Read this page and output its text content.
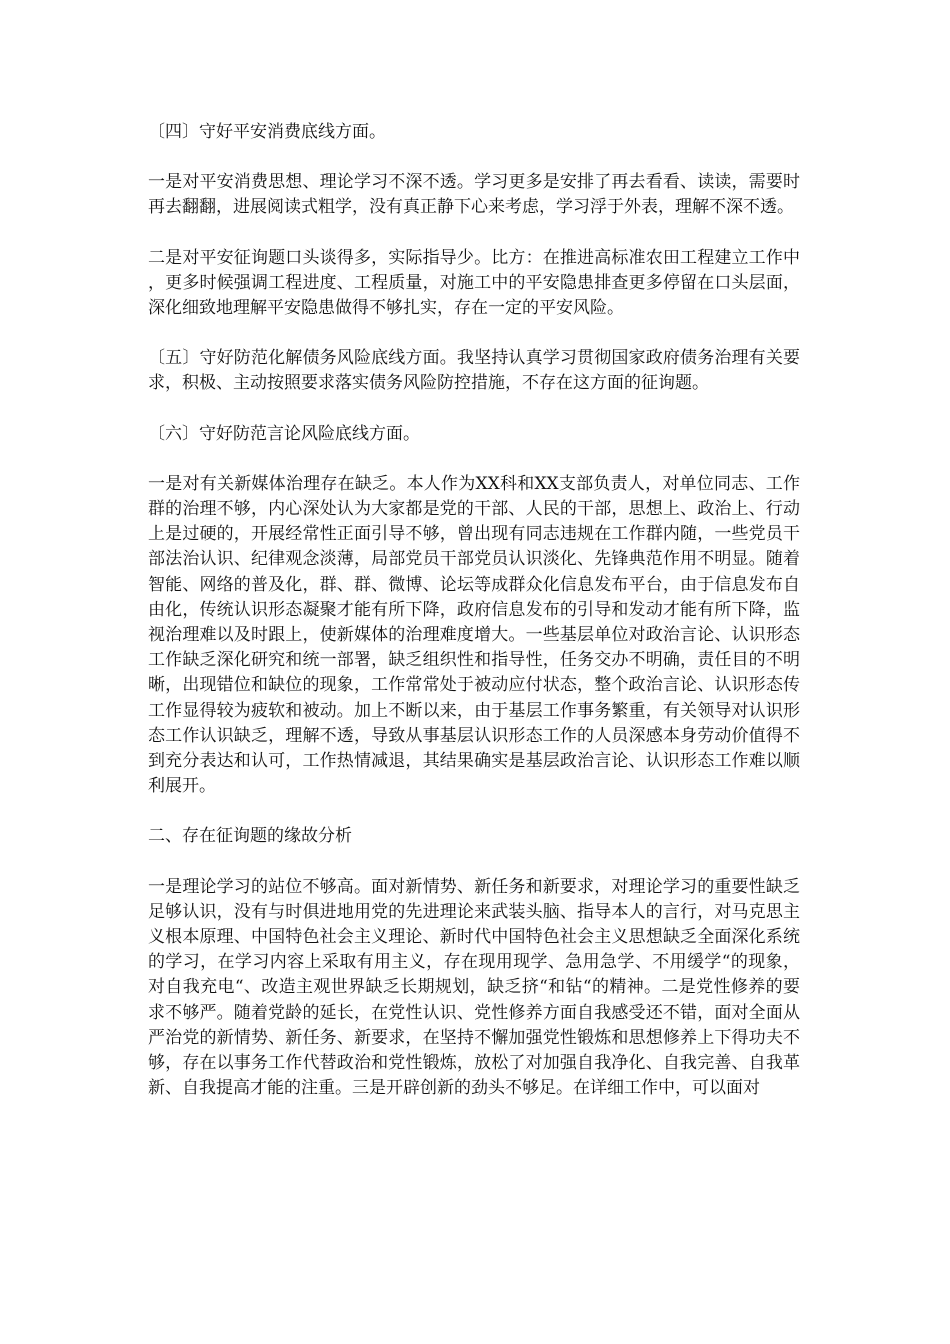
〔四〕守好平安消费底线方面。

一是对平安消费思想、理论学习不深不透。学习更多是安排了再去看看、读读，需要时再去翻翻，进展阅读式粗学，没有真正静下心来考虑，学习浮于外表，理解不深不透。

二是对平安征询题口头谈得多，实际指导少。比方：在推进高标准农田工程建立工作中，更多时候强调工程进度、工程质量，对施工中的平安隐患排查更多停留在口头层面，深化细致地理解平安隐患做得不够扎实，存在一定的平安风险。

〔五〕守好防范化解债务风险底线方面。我坚持认真学习贯彻国家政府债务治理有关要求，积极、主动按照要求落实债务风险防控措施，不存在这方面的征询题。

〔六〕守好防范言论风险底线方面。

一是对有关新媒体治理存在缺乏。本人作为XX科和XX支部负责人，对单位同志、工作群的治理不够，内心深处认为大家都是党的干部、人民的干部，思想上、政治上、行动上是过硬的，开展经常性正面引导不够，曾出现有同志违规在工作群内随，一些党员干部法治认识、纪律观念淡薄，局部党员干部党员认识淡化、先锋典范作用不明显。随着智能、网络的普及化，群、群、微博、论坛等成群众化信息发布平台，由于信息发布自由化，传统认识形态凝聚才能有所下降，政府信息发布的引导和发动才能有所下降，监视治理难以及时跟上，使新媒体的治理难度增大。一些基层单位对政治言论、认识形态工作缺乏深化研究和统一部署，缺乏组织性和指导性，任务交办不明确，责任目的不明晰，出现错位和缺位的现象，工作常常处于被动应付状态，整个政治言论、认识形态传工作显得较为疲软和被动。加上不断以来，由于基层工作事务繁重，有关领导对认识形态工作认识缺乏，理解不透，导致从事基层认识形态工作的人员深感本身劳动价值得不到充分表达和认可，工作热情减退，其结果确实是基层政治言论、认识形态工作难以顺利展开。

二、存在征询题的缘故分析

一是理论学习的站位不够高。面对新情势、新任务和新要求，对理论学习的重要性缺乏足够认识，没有与时俱进地用党的先进理论来武装头脑、指导本人的言行，对马克思主义根本原理、中国特色社会主义理论、新时代中国特色社会主义思想缺乏全面深化系统的学习，在学习内容上采取有用主义，存在现用现学、急用急学、不用缓学“的现象，对自我充电“、改造主观世界缺乏长期规划，缺乏挤“和钻“的精神。二是党性修养的要求不够严。随着党龄的延长，在党性认识、党性修养方面自我感受还不错，面对全面从严治党的新情势、新任务、新要求，在坚持不懈加强党性锻炼和思想修养上下得功夫不够，存在以事务工作代替政治和党性锻炼，放松了对加强自我净化、自我完善、自我革新、自我提高才能的注重。三是开辟创新的劲头不够足。在详细工作中，可以面对
